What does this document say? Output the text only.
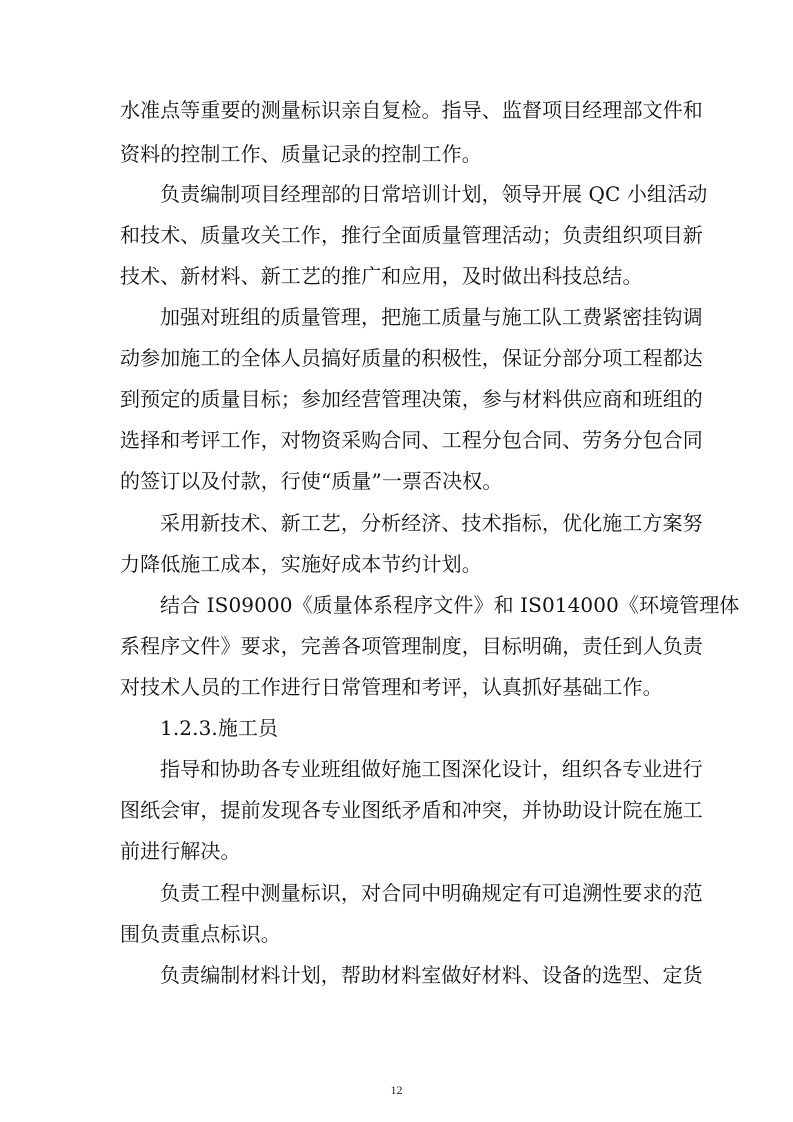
水准点等重要的测量标识亲自复检。指导、监督项目经理部文件和
资料的控制工作、质量记录的控制工作。
负责编制项目经理部的日常培训计划，领导开展 QC 小组活动
和技术、质量攻关工作，推行全面质量管理活动；负责组织项目新
技术、新材料、新工艺的推广和应用，及时做出科技总结。
加强对班组的质量管理，把施工质量与施工队工费紧密挂钩调
动参加施工的全体人员搞好质量的积极性，保证分部分项工程都达
到预定的质量目标；参加经营管理决策，参与材料供应商和班组的
选择和考评工作，对物资采购合同、工程分包合同、劳务分包合同
的签订以及付款，行使“质量”一票否决权。
采用新技术、新工艺，分析经济、技术指标，优化施工方案努
力降低施工成本，实施好成本节约计划。
结合 IS09000《质量体系程序文件》和 IS014000《环境管理体
系程序文件》要求，完善各项管理制度，目标明确，责任到人负责
对技术人员的工作进行日常管理和考评，认真抓好基础工作。
1.2.3.施工员
指导和协助各专业班组做好施工图深化设计，组织各专业进行
图纸会审，提前发现各专业图纸矛盾和冲突，并协助设计院在施工
前进行解决。
负责工程中测量标识，对合同中明确规定有可追溯性要求的范
围负责重点标识。
负责编制材料计划，帮助材料室做好材料、设备的选型、定货
12
